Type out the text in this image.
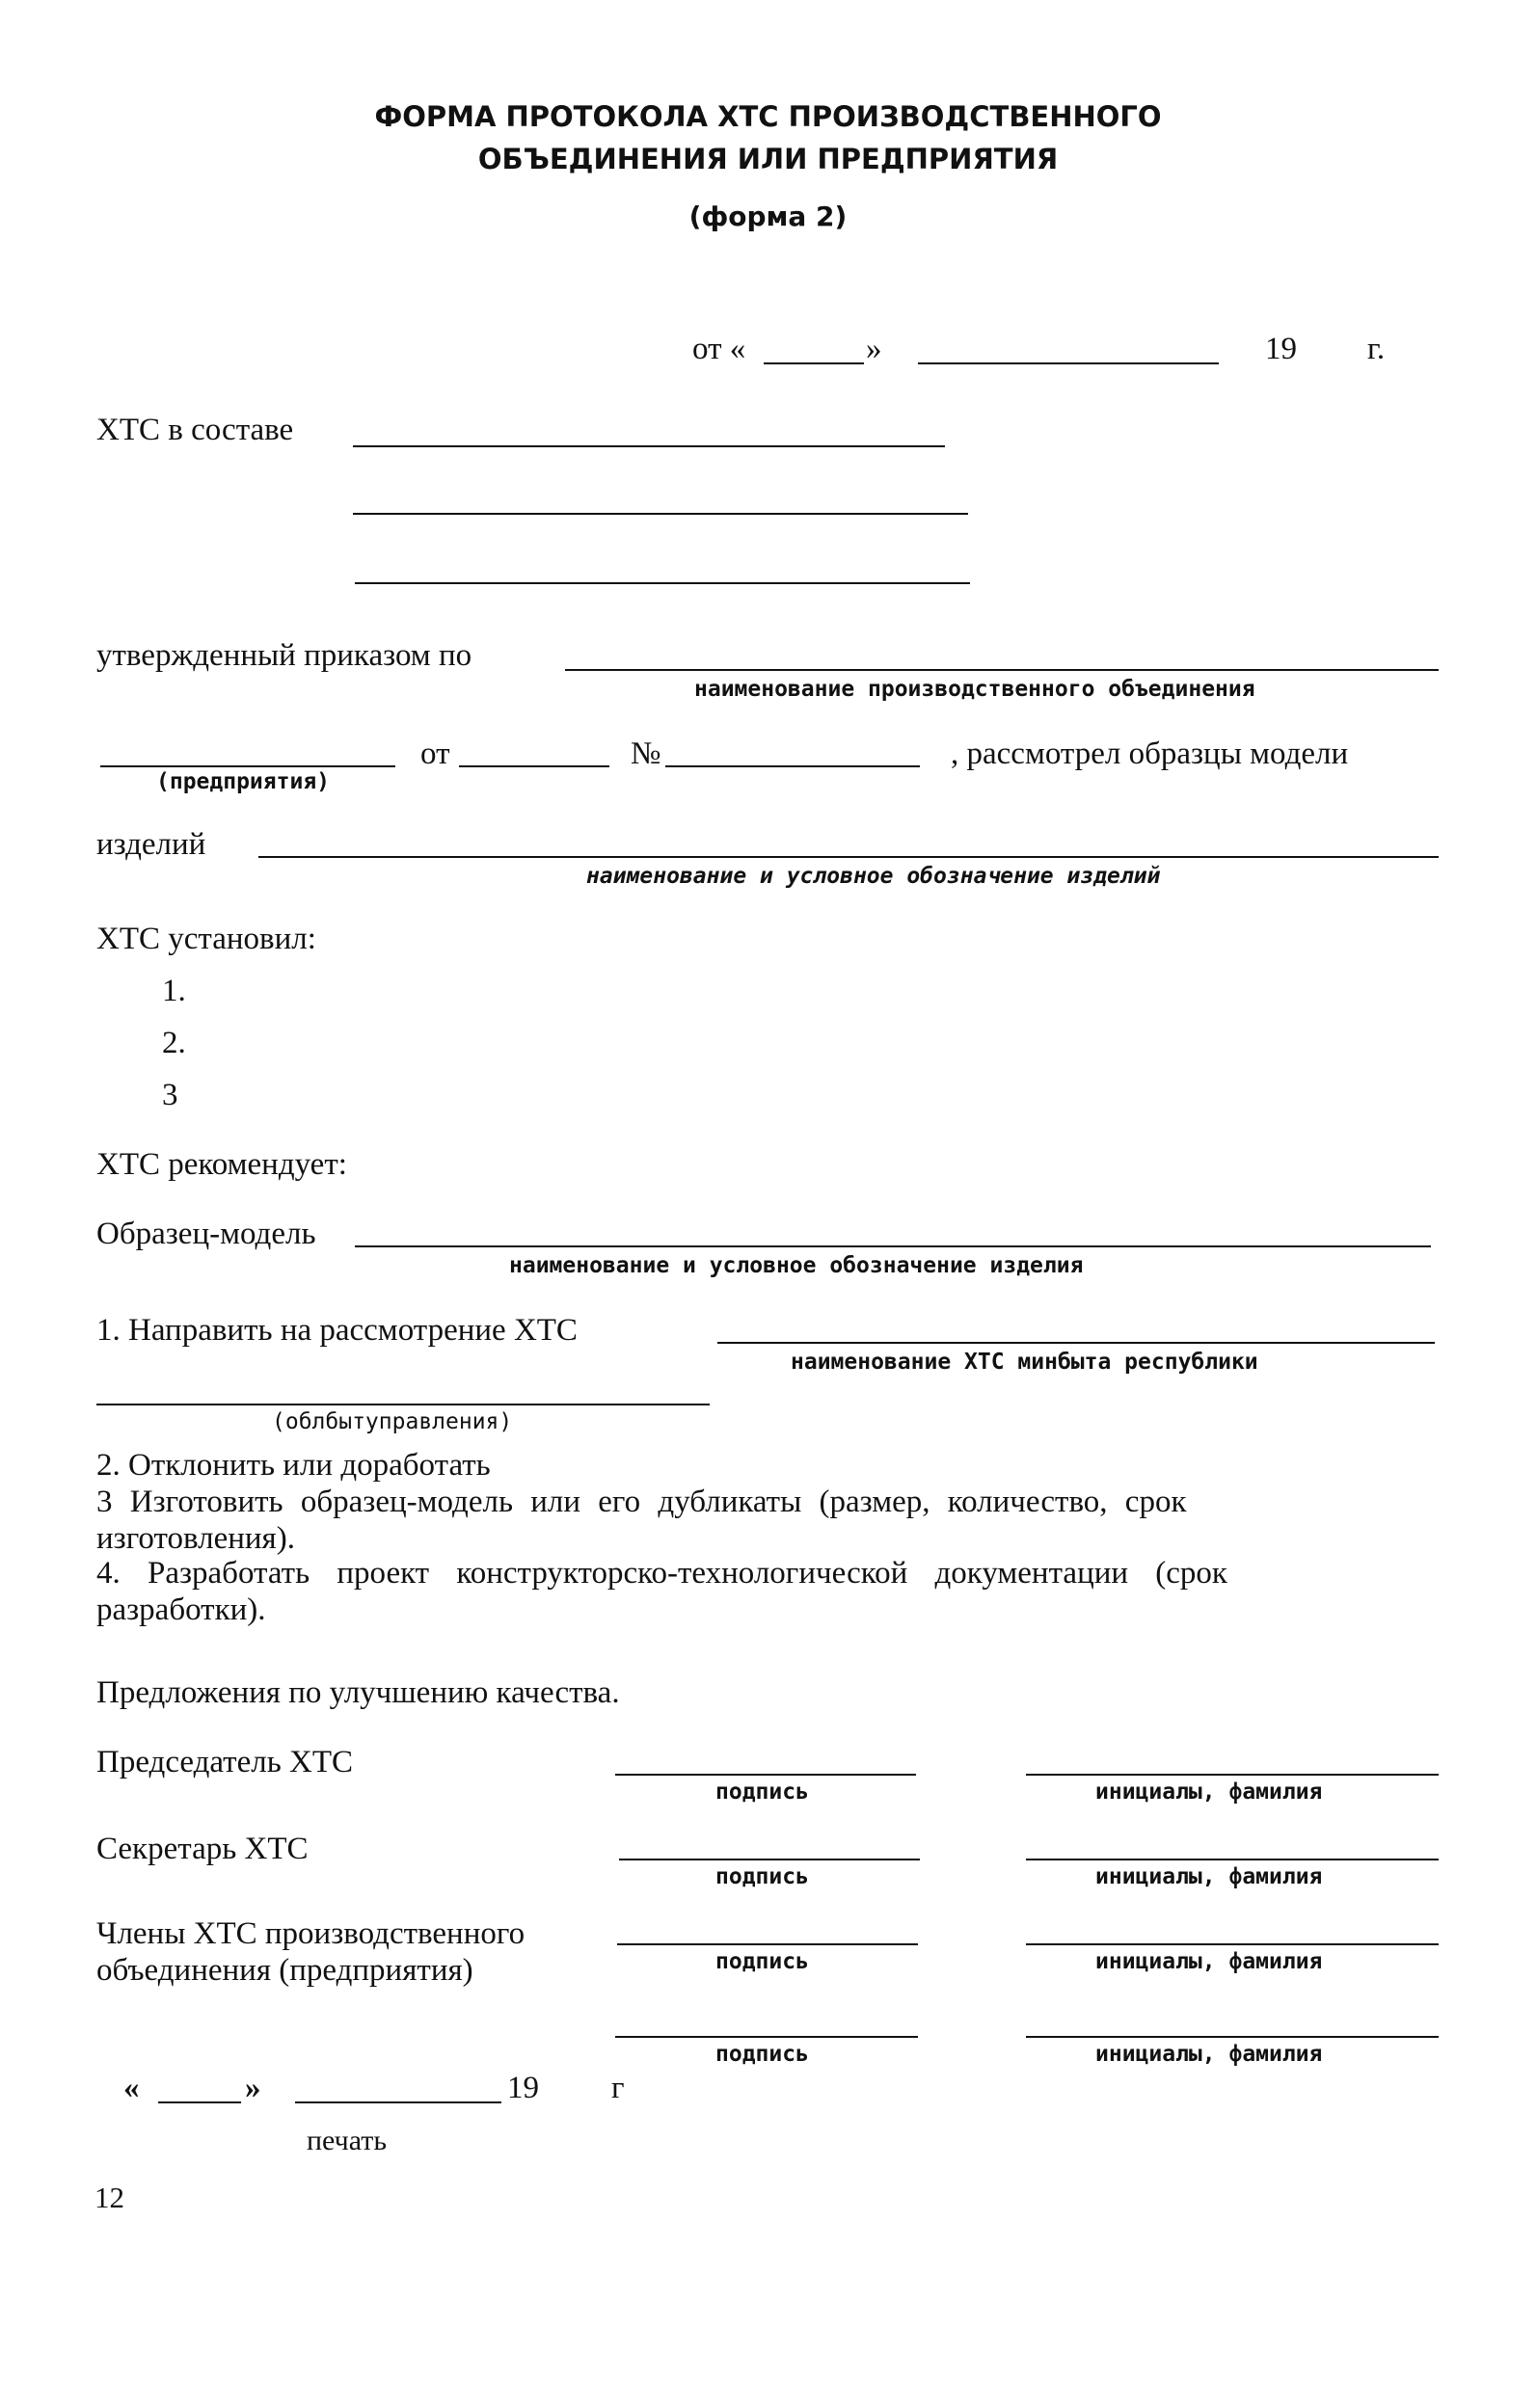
ФОРМА ПРОТОКОЛА ХТС ПРОИЗВОДСТВЕННОГО
ОБЪЕДИНЕНИЯ ИЛИ ПРЕДПРИЯТИЯ
(форма 2)
от «	»	19 г.
ХТС в составе
утвержденный приказом по
наименование производственного объединения
(предприятия)
от	№	, рассмотрел образцы модели
изделий
наименование и условное обозначение изделий
ХТС установил:
1.
2.
3
ХТС рекомендует:
Образец-модель
наименование и условное обозначение изделия
1. Направить на рассмотрение ХТС
наименование ХТС минбыта республики
(облбытуправления)
2. Отклонить или доработать
3 Изготовить образец-модель или его дубликаты (размер, количество, срок
изготовления).
4. Разработать проект конструкторско-технологической документации (срок
разработки).
Предложения по улучшению качества.
Председатель ХТС
подпись	инициалы, фамилия
Секретарь ХТС
подпись	инициалы, фамилия
Члены ХТС производственного
объединения (предприятия)	подпись	инициалы, фамилия
подпись	инициалы, фамилия
«	»	19 г
печать
12
